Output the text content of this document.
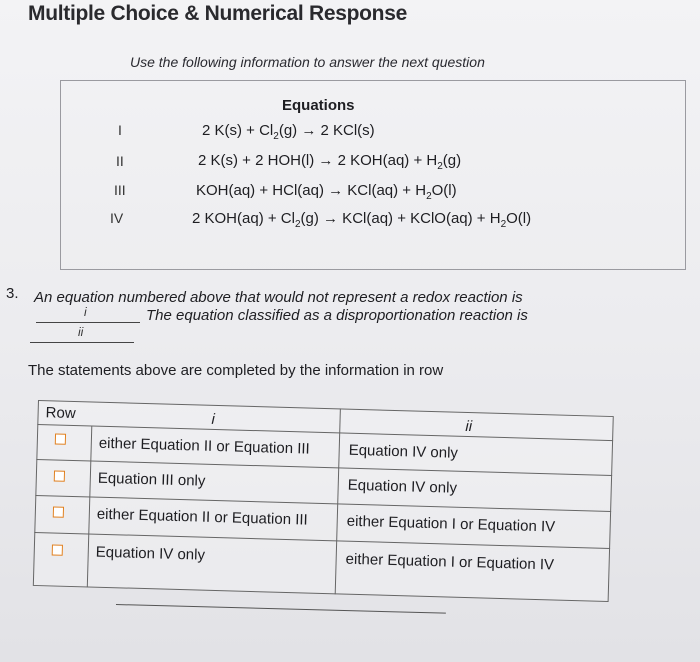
Multiple Choice & Numerical Response
Use the following information to answer the next question
Equations
I	2 $K(s) + Cl_2(g) \to 2$ KCl(s)
II	2 K(s) + 2 HOH(l) → 2 $KOH(aq) + H_2(g)$
III	$KOH(aq) + HCl(aq) \to KCl(aq) + H_2O(l)$
IV	2 $KOH(aq) + Cl_2(g) \to KCl(aq)$ + KClO(aq) + $H_2O(l)$
3. An equation numbered above that would not represent a redox reaction is
The equation classified as a disproportionation reaction is
i
ii
The statements above are completed by the information in row
Row	i	ii
either Equation II or Equation III	Equation IV only
Equation III only	Equation IV only
either Equation II or Equation III	either Equation I or Equation IV
Equation IV only	either Equation I or Equation IV
